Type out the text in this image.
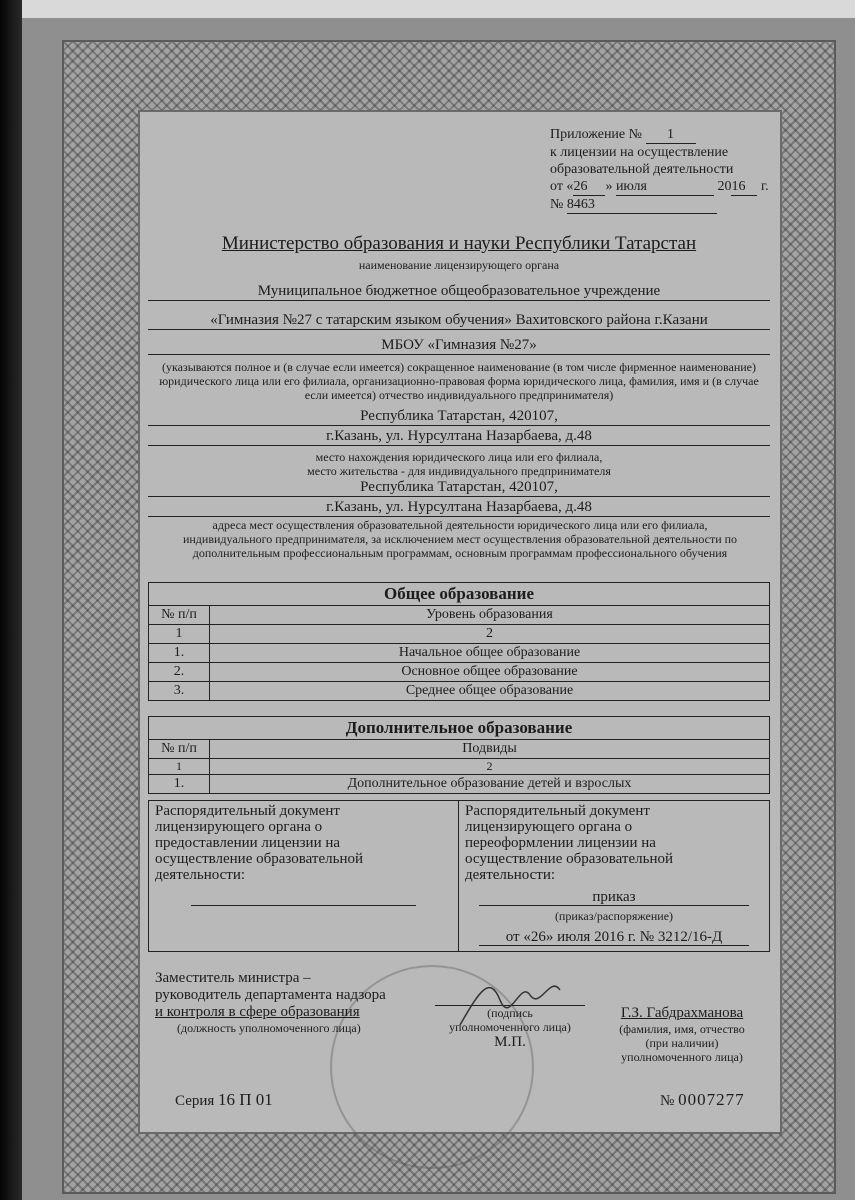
Приложение № 1
к лицензии на осуществление
образовательной деятельности
от «26 » июля	2016 г.
№ 8463
Министерство образования и науки Республики Татарстан
наименование лицензирующего органа
Муниципальное бюджетное общеобразовательное учреждение
«Гимназия №27 с татарским языком обучения» Вахитовского района г.Казани
МБОУ «Гимназия №27»
(указываются полное и (в случае если имеется) сокращенное наименование (в том числе фирменное наименование) юридического лица или его филиала, организационно-правовая форма юридического лица, фамилия, имя и (в случае если имеется) отчество индивидуального предпринимателя)
Республика Татарстан, 420107,
г.Казань, ул. Нурсултана Назарбаева, д.48
место нахождения юридического лица или его филиала,
место жительства - для индивидуального предпринимателя
Республика Татарстан, 420107,
г.Казань, ул. Нурсултана Назарбаева, д.48
адреса мест осуществления образовательной деятельности юридического лица или его филиала, индивидуального предпринимателя, за исключением мест осуществления образовательной деятельности по дополнительным профессиональным программам, основным программам профессионального обучения
Общее образование	
№ п/п	Уровень образования
1	2
1.	Начальное общее образование
2.	Основное общее образование
3.	Среднее общее образование
Дополнительное образование	
№ п/п	Подвиды
1	2
1.	Дополнительное образование детей и взрослых
Распорядительный документ лицензирующего органа о предоставлении лицензии на осуществление образовательной деятельности:
Распорядительный документ лицензирующего органа о переоформлении лицензии на осуществление образовательной деятельности:
приказ
(приказ/распоряжение)
от «26» июля 2016 г. № 3212/16-Д
Заместитель министра –
руководитель департамента надзора
и контроля в сфере образования
(должность уполномоченного лица)
(подпись
уполномоченного лица)
М.П.
Г.З. Габдрахманова
(фамилия, имя, отчество
(при наличии)
уполномоченного лица)
Серия 16 П 01	№ 0007277
